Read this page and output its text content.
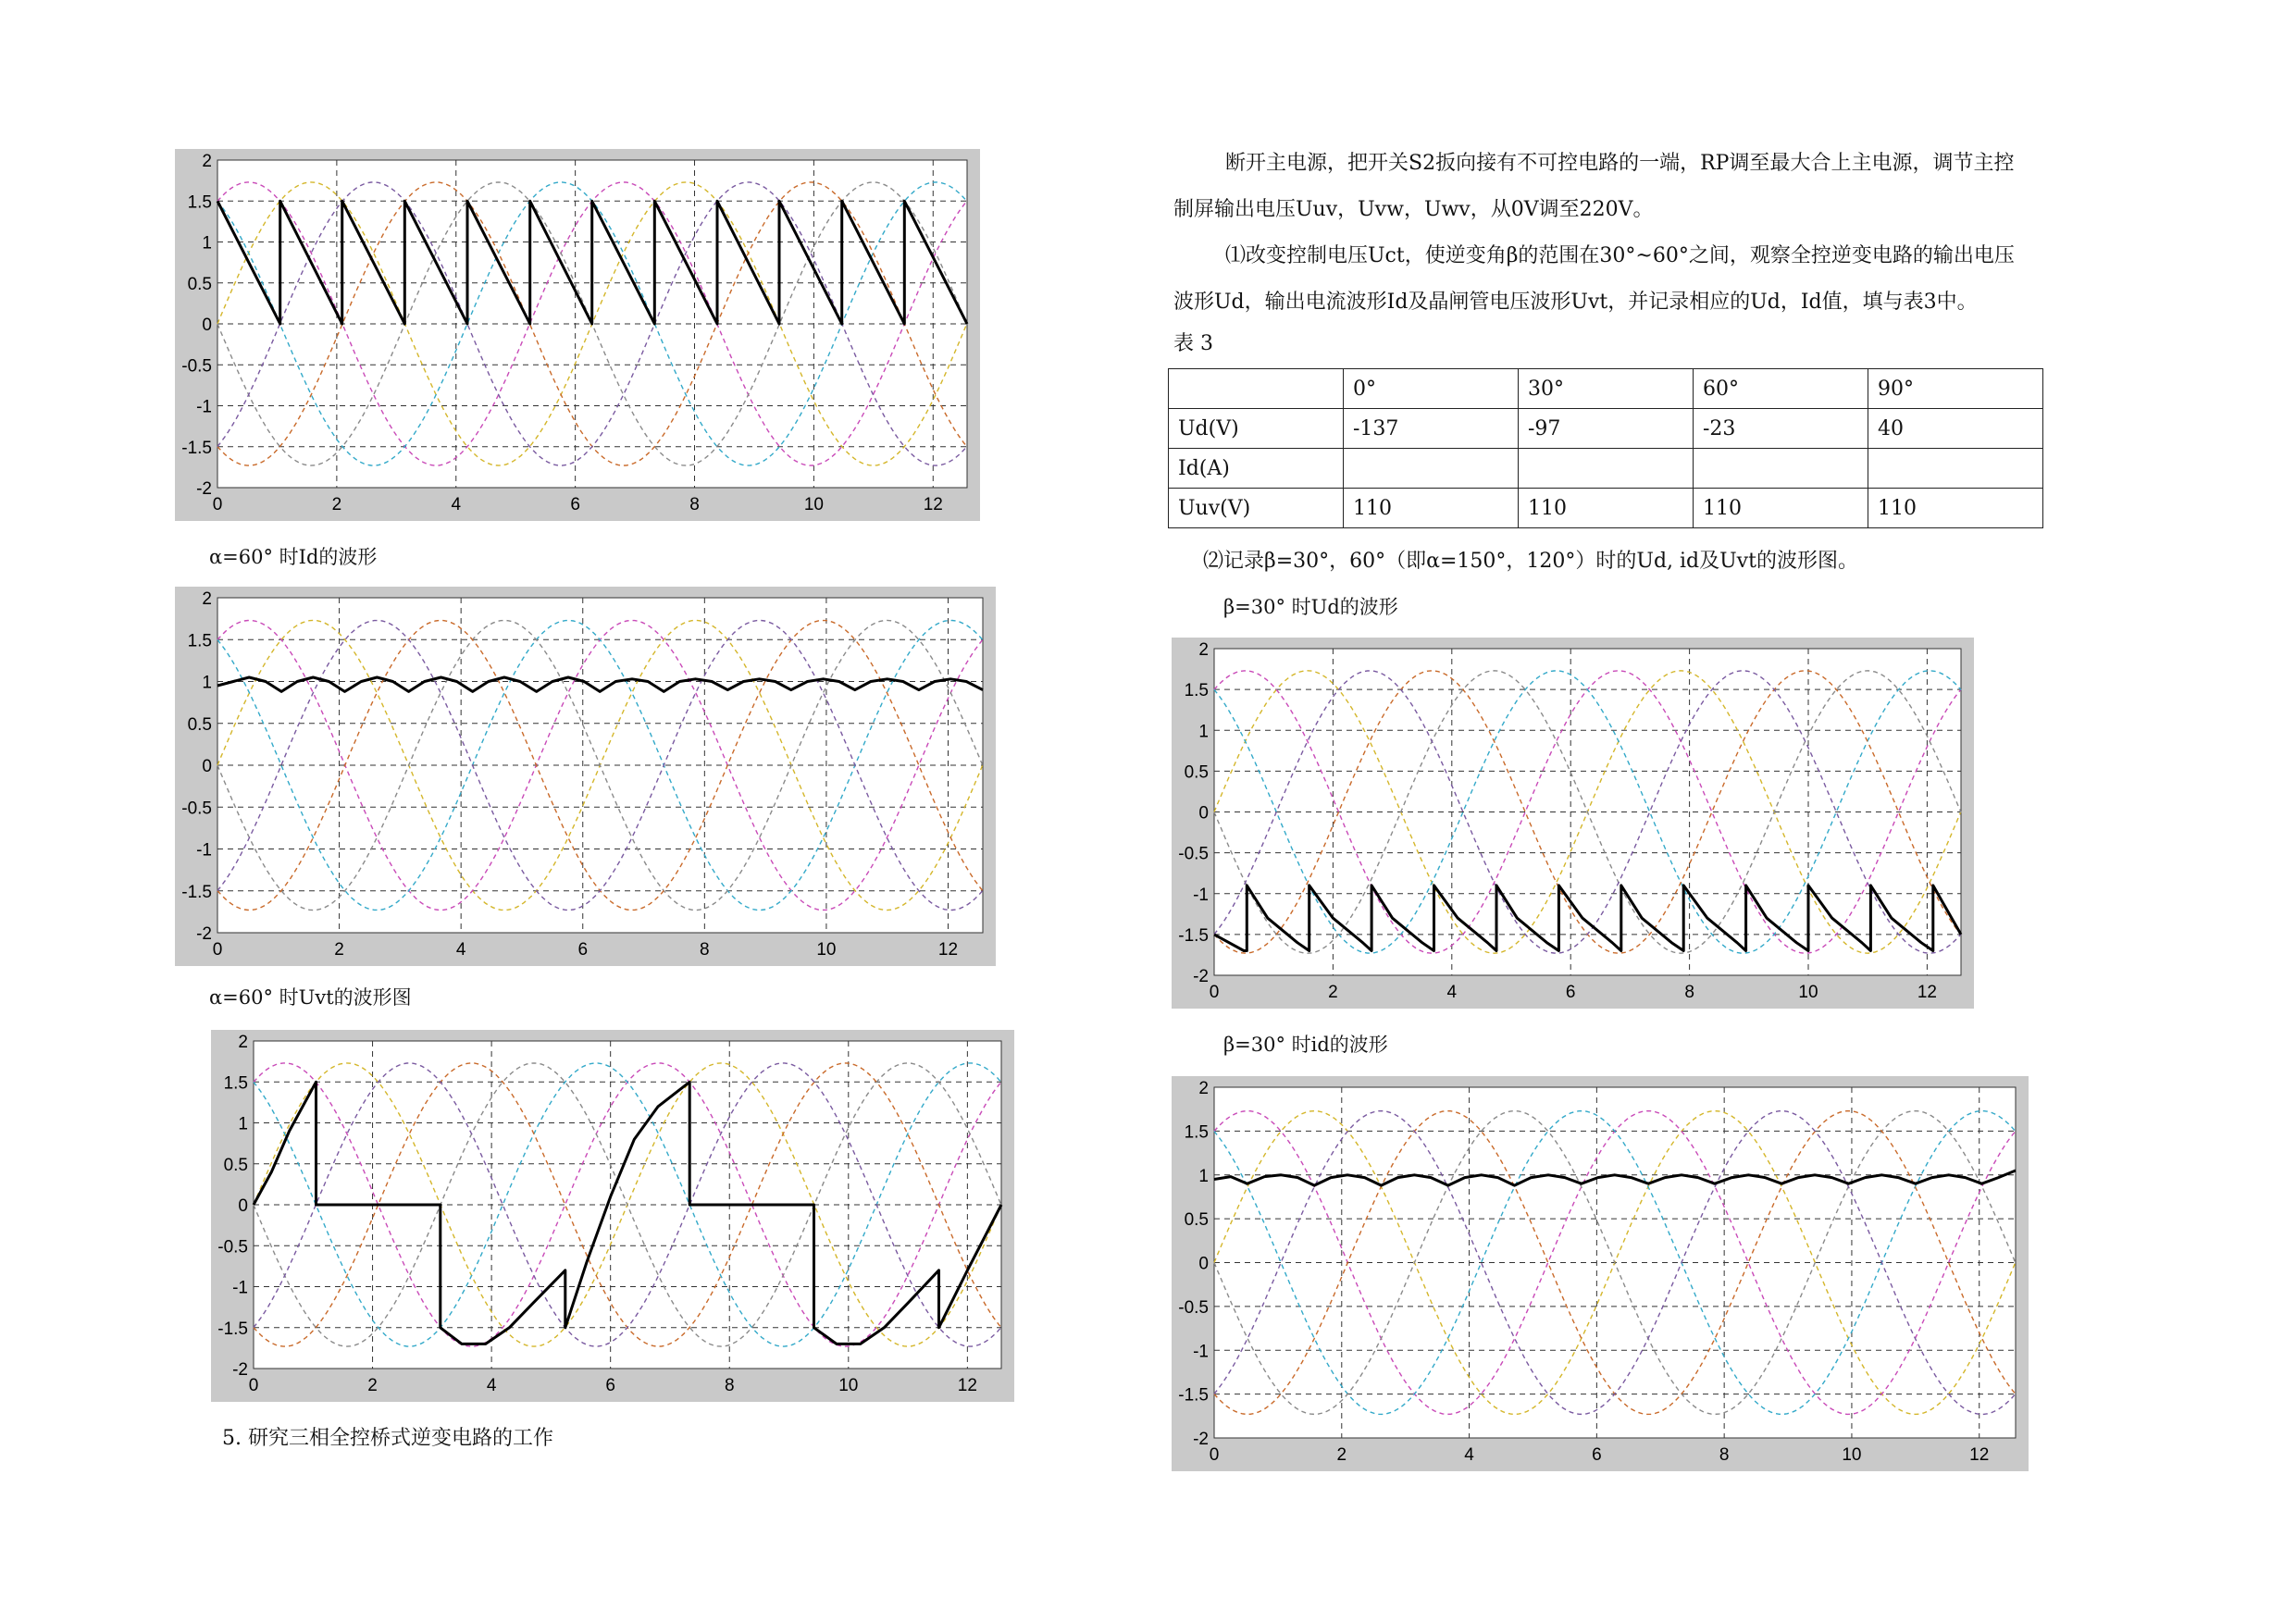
0	2	4	6	8	10	12
2
1.5
1
0.5
0
-0.5
-1
-1.5
-2
α=60° 时Id的波形
0	2	4	6	8	10	12
2
1.5
1
0.5
0
-0.5
-1
-1.5
-2
α=60° 时Uvt的波形图
0	2	4	6	8	10	12
2
1.5
1
0.5
0
-0.5
-1
-1.5
-2
5. 研究三相全控桥式逆变电路的工作
断开主电源，把开关S2扳向接有不可控电路的一端，RP调至最大合上主电源，调节主控
制屏输出电压Uuv，Uvw，Uwv，从0V调至220V。
⑴改变控制电压Uct，使逆变角β的范围在30°~60°之间，观察全控逆变电路的输出电压
波形Ud，输出电流波形Id及晶闸管电压波形Uvt，并记录相应的Ud，Id值，填与表3中。
表 3
	0°	30°	60°	90°
Ud(V)	-137	-97	-23	40
Id(A)				
Uuv(V)	110	110	110	110
⑵记录β=30°，60°（即α=150°，120°）时的Ud, id及Uvt的波形图。
β=30° 时Ud的波形
0	2	4	6	8	10	12
2
1.5
1
0.5
0
-0.5
-1
-1.5
-2
β=30° 时id的波形
0	2	4	6	8	10	12
2
1.5
1
0.5
0
-0.5
-1
-1.5
-2
